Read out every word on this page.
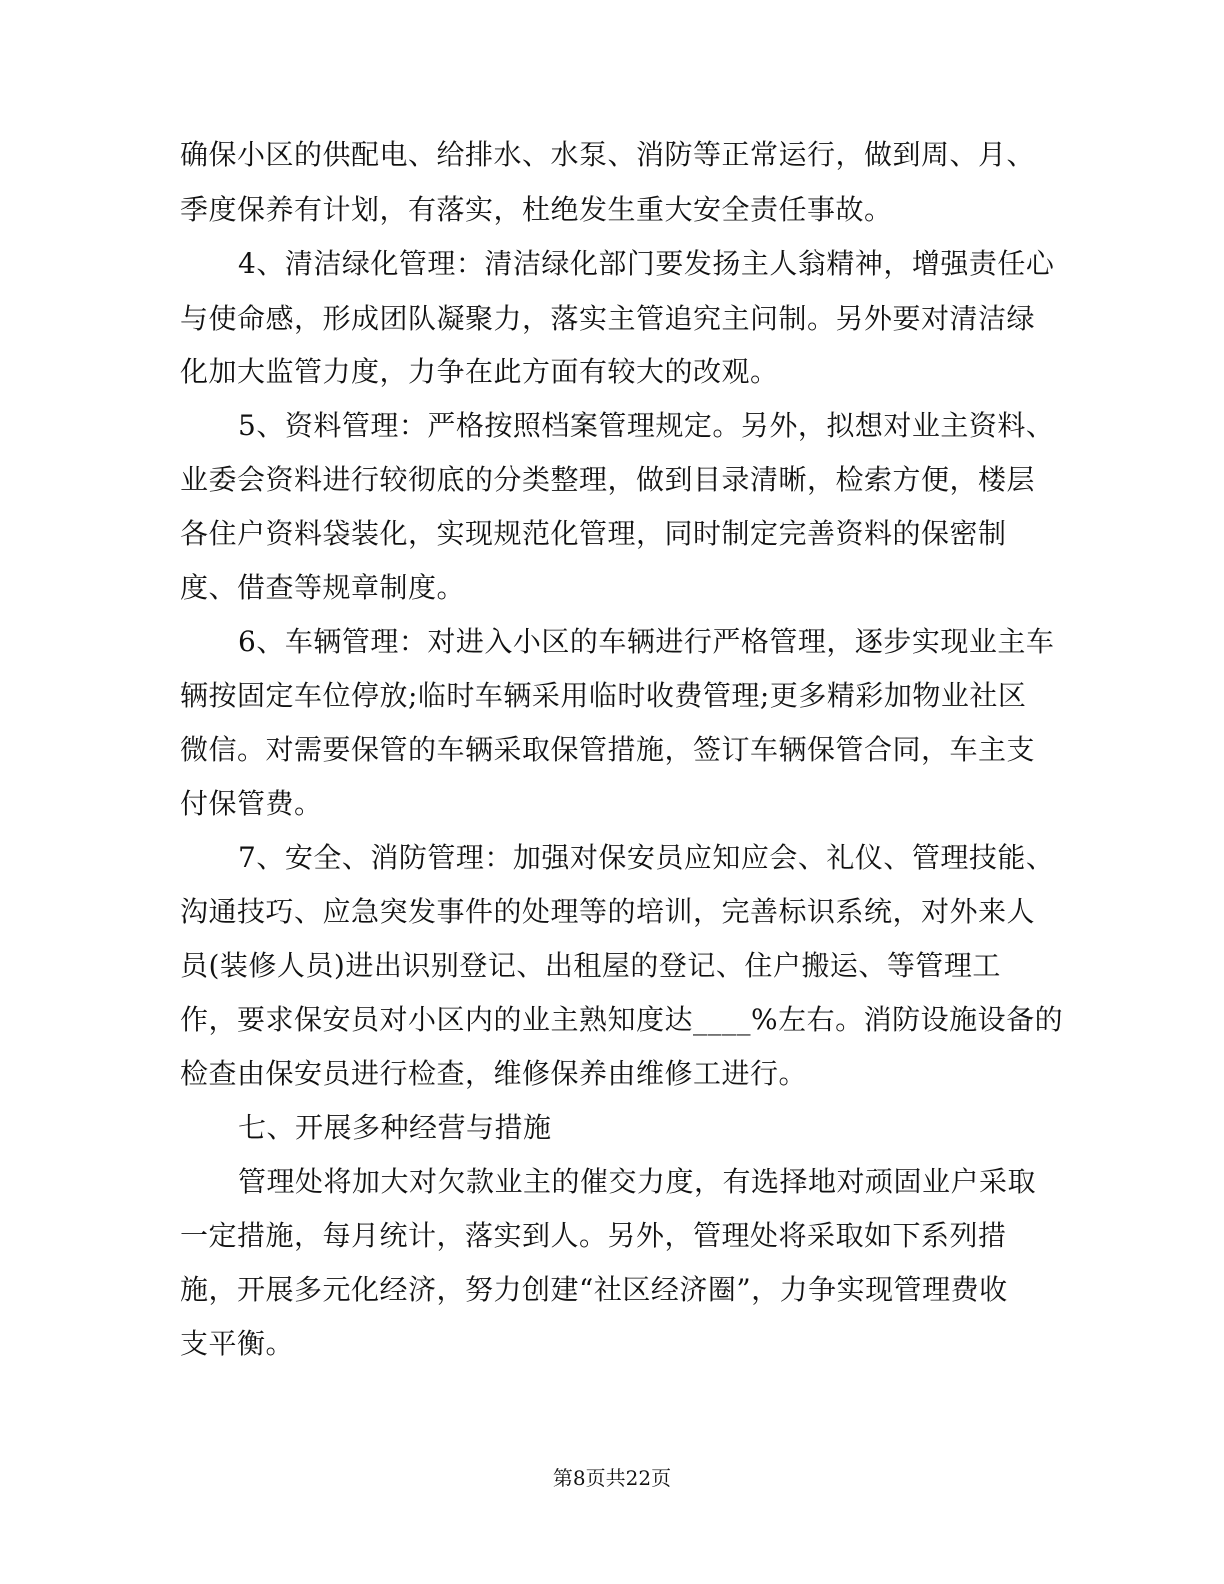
确保小区的供配电、给排水、水泵、消防等正常运行，做到周、月、
季度保养有计划，有落实，杜绝发生重大安全责任事故。
4、清洁绿化管理：清洁绿化部门要发扬主人翁精神，增强责任心
与使命感，形成团队凝聚力，落实主管追究主问制。另外要对清洁绿
化加大监管力度，力争在此方面有较大的改观。
5、资料管理：严格按照档案管理规定。另外，拟想对业主资料、
业委会资料进行较彻底的分类整理，做到目录清晰，检索方便，楼层
各住户资料袋装化，实现规范化管理，同时制定完善资料的保密制
度、借查等规章制度。
6、车辆管理：对进入小区的车辆进行严格管理，逐步实现业主车
辆按固定车位停放;临时车辆采用临时收费管理;更多精彩加物业社区
微信。对需要保管的车辆采取保管措施，签订车辆保管合同，车主支
付保管费。
7、安全、消防管理：加强对保安员应知应会、礼仪、管理技能、
沟通技巧、应急突发事件的处理等的培训，完善标识系统，对外来人
员(装修人员)进出识别登记、出租屋的登记、住户搬运、等管理工
作，要求保安员对小区内的业主熟知度达____%左右。消防设施设备的
检查由保安员进行检查，维修保养由维修工进行。
七、开展多种经营与措施
管理处将加大对欠款业主的催交力度，有选择地对顽固业户采取
一定措施，每月统计，落实到人。另外，管理处将采取如下系列措
施，开展多元化经济，努力创建“社区经济圈”，力争实现管理费收
支平衡。
第8页共22页
